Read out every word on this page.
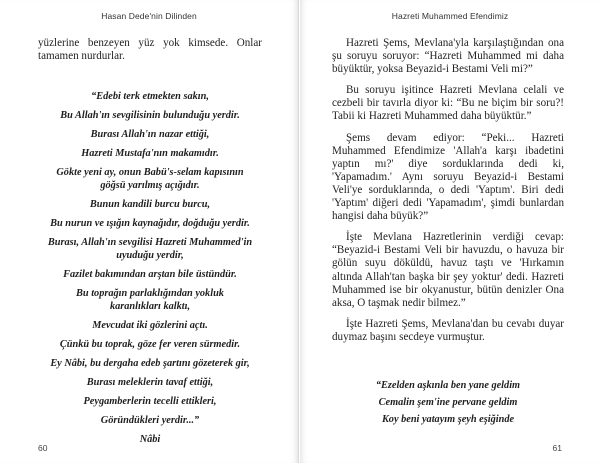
Hasan Dede'nin Dilinden

yüzlerine benzeyen yüz yok kimsede. Onlar tamamen nurdurlar.

“Edebi terk etmekten sakın,
Bu Allah'ın sevgilisinin bulunduğu yerdir.
Burası Allah'ın nazar ettiği,
Hazreti Mustafa'nın makamıdır.
Gökte yeni ay, onun Babü's-selam kapısının
göğsü yarılmış açığıdır.
Bunun kandili burcu burcu,
Bu nurun ve ışığın kaynağıdır, doğduğu yerdir.
Burası, Allah'ın sevgilisi Hazreti Muhammed'in
uyuduğu yerdir,
Fazilet bakımından arştan bile üstündür.
Bu toprağın parlaklığından yokluk
karanlıkları kalktı,
Mevcudat iki gözlerini açtı.
Çünkü bu toprak, göze fer veren sürmedir.
Ey Nâbi, bu dergaha edeb şartını gözeterek gir,
Burası meleklerin tavaf ettiği,
Peygamberlerin tecelli ettikleri,
Göründükleri yerdir...”
Nâbi
60
Hazreti Muhammed Efendimiz

Hazreti Şems, Mevlana'yla karşılaştığından ona şu soruyu soruyor: “Hazreti Muhammed mi daha büyüktür, yoksa Beyazid-i Bestami Veli mi?”

Bu soruyu işitince Hazreti Mevlana celali ve cezbeli bir tavırla diyor ki: “Bu ne biçim bir soru?! Tabii ki Hazreti Muhammed daha büyüktür.”

Şems devam ediyor: “Peki... Hazreti Muhammed Efendimize 'Allah'a karşı ibadetini yaptın mı?' diye sorduklarında dedi ki, 'Yapamadım.' Aynı soruyu Beyazid-i Bestami Veli'ye sorduklarında, o dedi 'Yaptım'. Biri dedi 'Yaptım' diğeri dedi 'Yapamadım', şimdi bunlardan hangisi daha büyük?”

İşte Mevlana Hazretlerinin verdiği cevap: “Beyazid-i Bestami Veli bir havuzdu, o havuza bir gölün suyu döküldü, havuz taştı ve 'Hırkamın altında Allah'tan başka bir şey yoktur' dedi. Hazreti Muhammed ise bir okyanustur, bütün denizler Ona aksa, O taşmak nedir bilmez.”

İşte Hazreti Şems, Mevlana'dan bu cevabı duyar duymaz başını secdeye vurmuştur.

“Ezelden aşkınla ben yane geldim
Cemalin şem'ine pervane geldim
Koy beni yatayım şeyh eşiğinde
61
